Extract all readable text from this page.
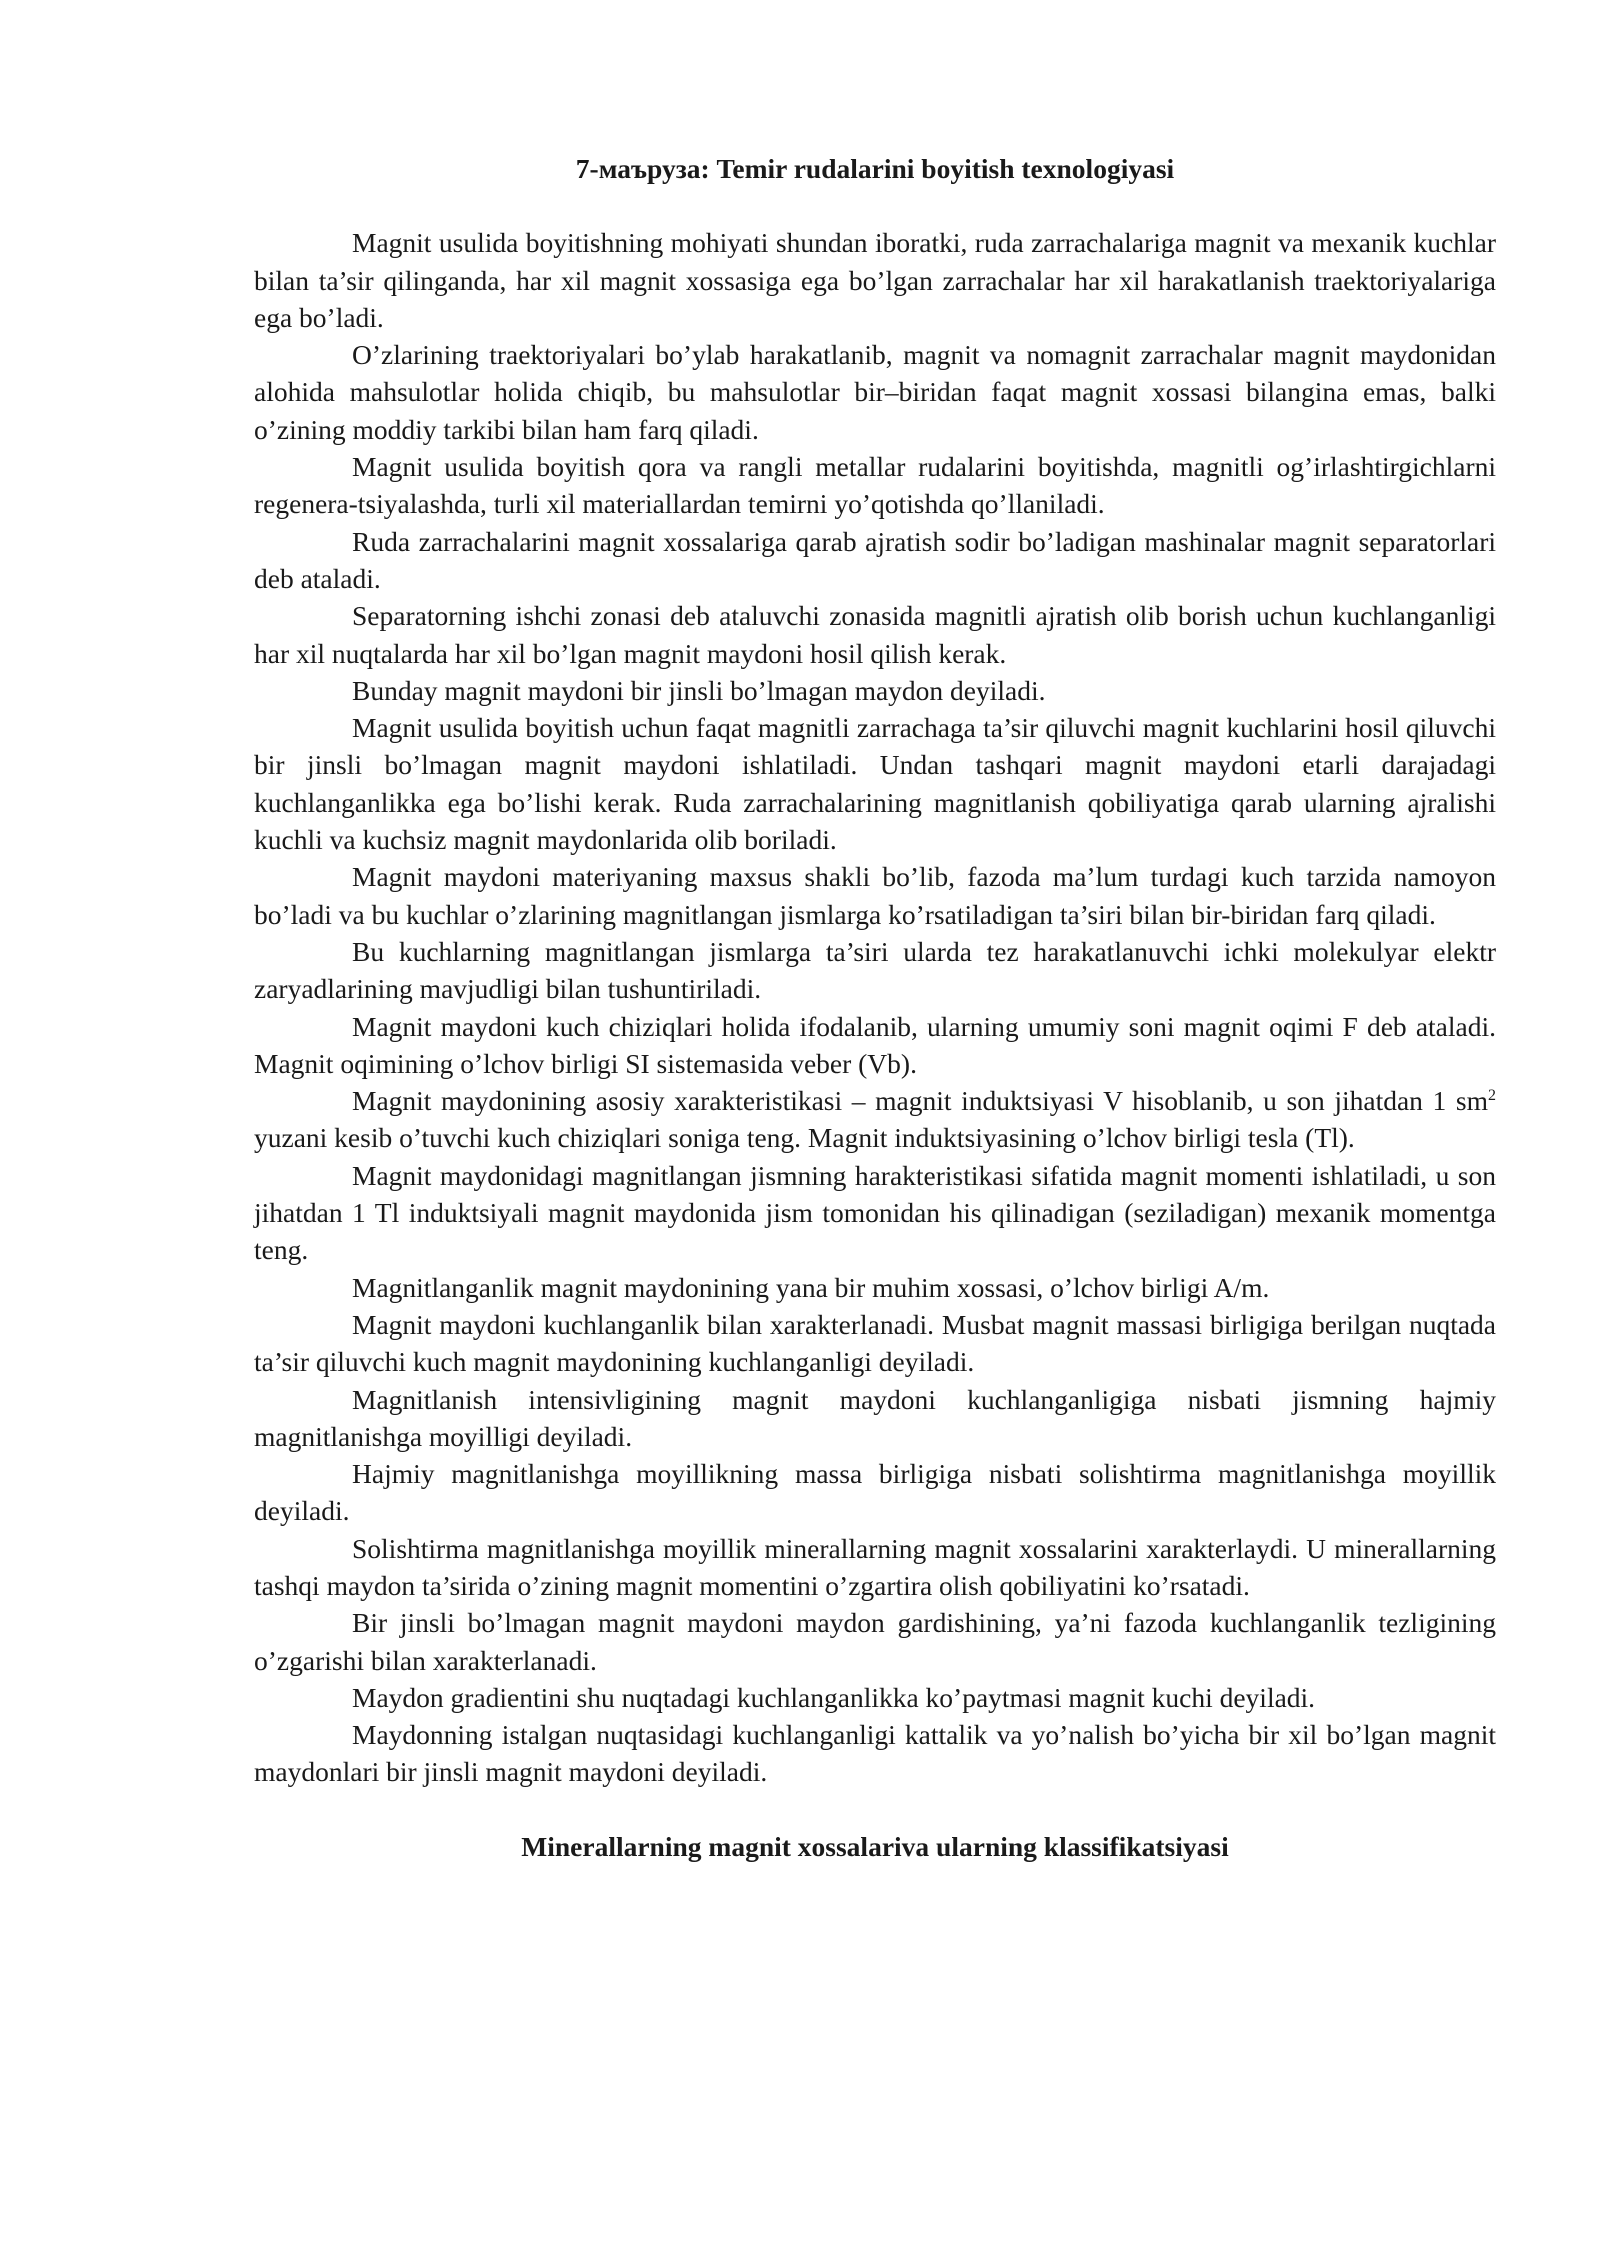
7-маъруза: Temir rudalarini boyitish texnologiyasi

Magnit usulida boyitishning mohiyati shundan iboratki, ruda zarrachalariga magnit va mexanik kuchlar bilan ta’sir qilinganda, har xil magnit xossasiga ega bo’lgan zarrachalar har xil harakatlanish traektoriyalariga ega bo’ladi.

O’zlarining traektoriyalari bo’ylab harakatlanib, magnit va nomagnit zarrachalar magnit maydonidan alohida mahsulotlar holida chiqib, bu mahsulotlar bir–biridan faqat magnit xossasi bilangina emas, balki o’zining moddiy tarkibi bilan ham farq qiladi.

Magnit usulida boyitish qora va rangli metallar rudalarini boyitishda, magnitli og’irlashtirgichlarni regenera-tsiyalashda, turli xil materiallardan temirni yo’qotishda qo’llaniladi.

Ruda zarrachalarini magnit xossalariga qarab ajratish sodir bo’ladigan mashinalar magnit separatorlari deb ataladi.

Separatorning ishchi zonasi deb ataluvchi zonasida magnitli ajratish olib borish uchun kuchlanganligi har xil nuqtalarda har xil bo’lgan magnit maydoni hosil qilish kerak.

Bunday magnit maydoni bir jinsli bo’lmagan maydon deyiladi.

Magnit usulida boyitish uchun faqat magnitli zarrachaga ta’sir qiluvchi magnit kuchlarini hosil qiluvchi bir jinsli bo’lmagan magnit maydoni ishlatiladi. Undan tashqari magnit maydoni etarli darajadagi kuchlanganlikka ega bo’lishi kerak. Ruda zarrachalarining magnitlanish qobiliyatiga qarab ularning ajralishi kuchli va kuchsiz magnit maydonlarida olib boriladi.

Magnit maydoni materiyaning maxsus shakli bo’lib, fazoda ma’lum turdagi kuch tarzida namoyon bo’ladi va bu kuchlar o’zlarining magnitlangan jismlarga ko’rsatiladigan ta’siri bilan bir-biridan farq qiladi.

Bu kuchlarning magnitlangan jismlarga ta’siri ularda tez harakatlanuvchi ichki molekulyar elektr zaryadlarining mavjudligi bilan tushuntiriladi.

Magnit maydoni kuch chiziqlari holida ifodalanib, ularning umumiy soni magnit oqimi F deb ataladi. Magnit oqimining o’lchov birligi SI sistemasida veber (Vb).

Magnit maydonining asosiy xarakteristikasi – magnit induktsiyasi V hisoblanib, u son jihatdan 1 $sm^2$ yuzani kesib o’tuvchi kuch chiziqlari soniga teng. Magnit induktsiyasining o’lchov birligi tesla (Tl).

Magnit maydonidagi magnitlangan jismning harakteristikasi sifatida magnit momenti ishlatiladi, u son jihatdan 1 Tl induktsiyali magnit maydonida jism tomonidan his qilinadigan (seziladigan) mexanik momentga teng.

Magnitlanganlik magnit maydonining yana bir muhim xossasi, o’lchov birligi A/m.

Magnit maydoni kuchlanganlik bilan xarakterlanadi. Musbat magnit massasi birligiga berilgan nuqtada ta’sir qiluvchi kuch magnit maydonining kuchlanganligi deyiladi.

Magnitlanish intensivligining magnit maydoni kuchlanganligiga nisbati jismning hajmiy magnitlanishga moyilligi deyiladi.

Hajmiy magnitlanishga moyillikning massa birligiga nisbati solishtirma magnitlanishga moyillik deyiladi.

Solishtirma magnitlanishga moyillik minerallarning magnit xossalarini xarakterlaydi. U minerallarning tashqi maydon ta’sirida o’zining magnit momentini o’zgartira olish qobiliyatini ko’rsatadi.

Bir jinsli bo’lmagan magnit maydoni maydon gardishining, ya’ni fazoda kuchlanganlik tezligining o’zgarishi bilan xarakterlanadi.

Maydon gradientini shu nuqtadagi kuchlanganlikka ko’paytmasi magnit kuchi deyiladi.

Maydonning istalgan nuqtasidagi kuchlanganligi kattalik va yo’nalish bo’yicha bir xil bo’lgan magnit maydonlari bir jinsli magnit maydoni deyiladi.

Minerallarning magnit xossalariva ularning klassifikatsiyasi
